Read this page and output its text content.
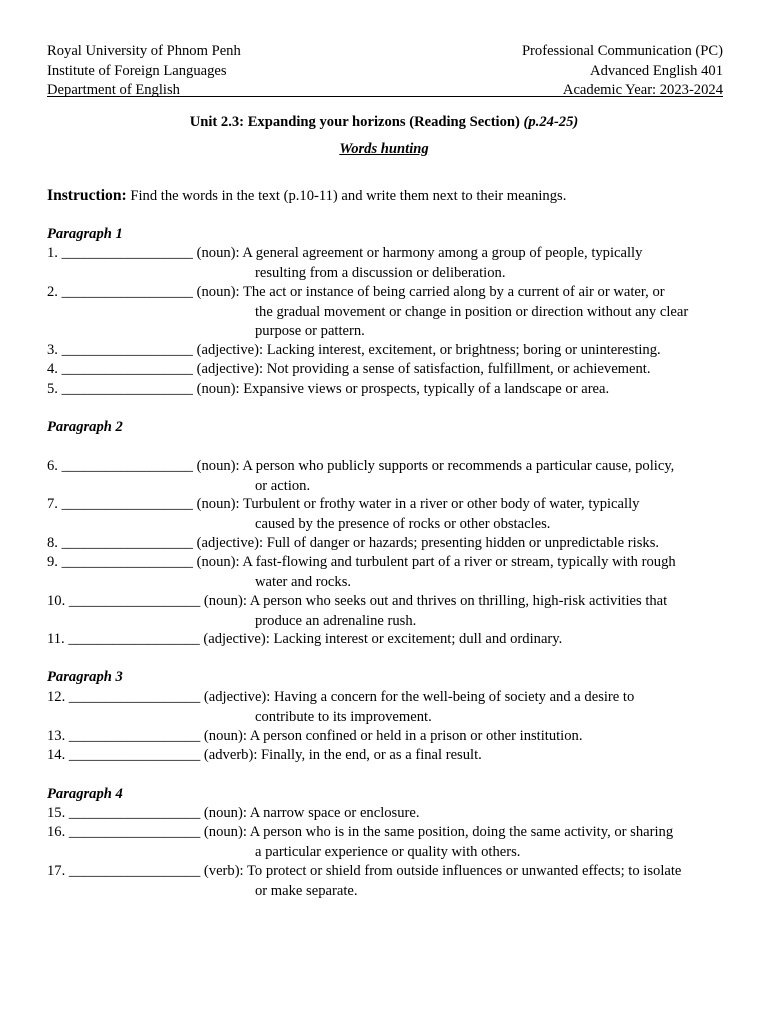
Royal University of Phnom Penh
Institute of Foreign Languages
Department of English
Professional Communication (PC)
Advanced English 401
Academic Year: 2023-2024
Unit 2.3: Expanding your horizons (Reading Section) (p.24-25)
Words hunting
Instruction: Find the words in the text (p.10-11) and write them next to their meanings.
Paragraph 1
1. __________________ (noun): A general agreement or harmony among a group of people, typically
resulting from a discussion or deliberation.
2. __________________ (noun): The act or instance of being carried along by a current of air or water, or
the gradual movement or change in position or direction without any clear purpose or pattern.
3. __________________ (adjective): Lacking interest, excitement, or brightness; boring or uninteresting.
4. __________________ (adjective): Not providing a sense of satisfaction, fulfillment, or achievement.
5. __________________ (noun): Expansive views or prospects, typically of a landscape or area.
Paragraph 2
6. __________________ (noun): A person who publicly supports or recommends a particular cause, policy,
or action.
7. __________________ (noun): Turbulent or frothy water in a river or other body of water, typically
caused by the presence of rocks or other obstacles.
8. __________________ (adjective): Full of danger or hazards; presenting hidden or unpredictable risks.
9. __________________ (noun): A fast-flowing and turbulent part of a river or stream, typically with rough
water and rocks.
10. __________________ (noun): A person who seeks out and thrives on thrilling, high-risk activities that
produce an adrenaline rush.
11. __________________ (adjective): Lacking interest or excitement; dull and ordinary.
Paragraph 3
12. __________________ (adjective): Having a concern for the well-being of society and a desire to
contribute to its improvement.
13. __________________ (noun): A person confined or held in a prison or other institution.
14. __________________ (adverb): Finally, in the end, or as a final result.
Paragraph 4
15. __________________ (noun): A narrow space or enclosure.
16. __________________ (noun): A person who is in the same position, doing the same activity, or sharing
a particular experience or quality with others.
17. __________________ (verb): To protect or shield from outside influences or unwanted effects; to isolate
or make separate.
